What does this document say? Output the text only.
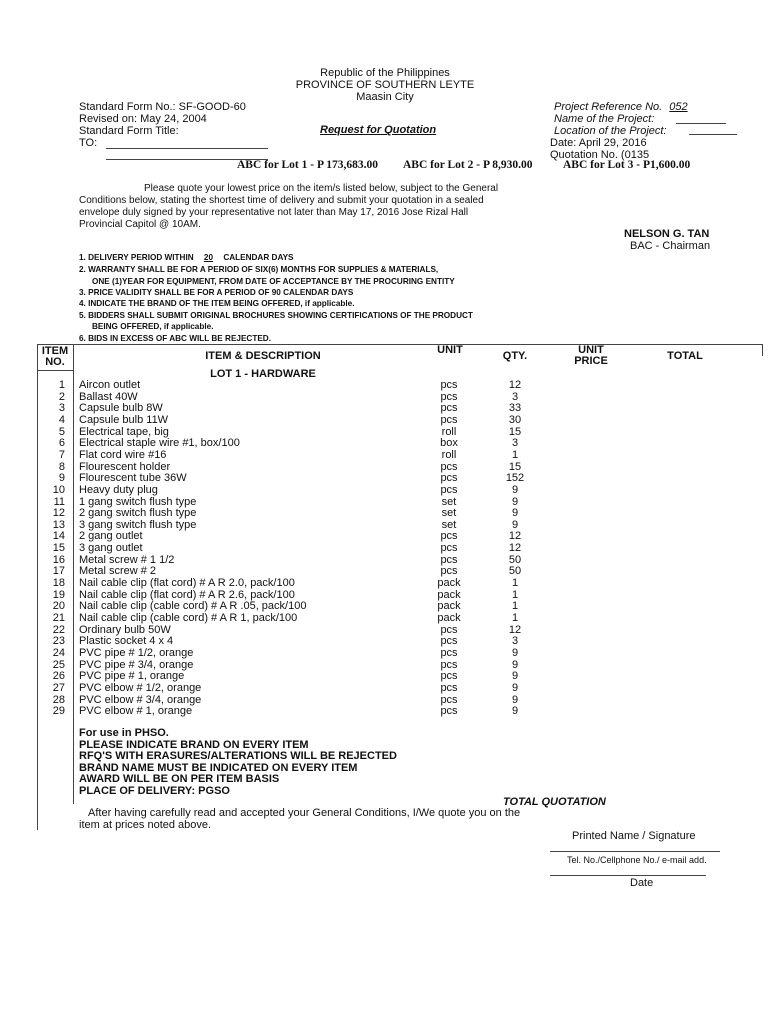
Republic of the Philippines
PROVINCE OF SOUTHERN LEYTE
Maasin City
Standard Form No.: SF-GOOD-60
Revised on: May 24, 2004
Standard Form Title:
TO:
Request for Quotation
Project Reference No. 052
Name of the Project:
Location of the Project:
Date: April 29, 2016
Quotation No. (0135
ABC for Lot 1 - P 173,683.00 ABC for Lot 2 - P 8,930.00	ABC for Lot 3 - P1,600.00
Please quote your lowest price on the item/s listed below, subject to the General
Conditions below, stating the shortest time of delivery and submit your quotation in a sealed
envelope duly signed by your representative not later than May 17, 2016 Jose Rizal Hall
Provincial Capitol @ 10AM.
NELSON G. TAN
BAC - Chairman
1. DELIVERY PERIOD WITHIN 20 CALENDAR DAYS
2. WARRANTY SHALL BE FOR A PERIOD OF SIX(6) MONTHS FOR SUPPLIES & MATERIALS,
ONE (1)YEAR FOR EQUIPMENT, FROM DATE OF ACCEPTANCE BY THE PROCURING ENTITY
3. PRICE VALIDITY SHALL BE FOR A PERIOD OF 90 CALENDAR DAYS
4. INDICATE THE BRAND OF THE ITEM BEING OFFERED, if applicable.
5. BIDDERS SHALL SUBMIT ORIGINAL BROCHURES SHOWING CERTIFICATIONS OF THE PRODUCT
BEING OFFERED, if applicable.
6. BIDS IN EXCESS OF ABC WILL BE REJECTED.
ITEM
NO.	ITEM & DESCRIPTION	UNIT	QTY.	UNIT
PRICE	TOTAL
LOT 1 - HARDWARE
1 Aircon outlet	pcs	12
2 Ballast 40W	pcs	3
3 Capsule bulb 8W	pcs	33
4 Capsule bulb 11W	pcs	30
5 Electrical tape, big	roll	15
6 Electrical staple wire #1, box/100	box	3
7 Flat cord wire #16	roll	1
8 Flourescent holder	pcs	15
9 Flourescent tube 36W	pcs	152
10 Heavy duty plug	pcs	9
11 1 gang switch flush type	set	9
12 2 gang switch flush type	set	9
13 3 gang switch flush type	set	9
14 2 gang outlet	pcs	12
15 3 gang outlet	pcs	12
16 Metal screw # 1 1/2	pcs	50
17 Metal screw # 2	pcs	50
18 Nail cable clip (flat cord) # A R 2.0, pack/100	pack	1
19 Nail cable clip (flat cord) # A R 2.6, pack/100	pack	1
20 Nail cable clip (cable cord) # A R .05, pack/100	pack	1
21 Nail cable clip (cable cord) # A R 1, pack/100	pack	1
22 Ordinary bulb 50W	pcs	12
23 Plastic socket 4 x 4	pcs	3
24 PVC pipe # 1/2, orange	pcs	9
25 PVC pipe # 3/4, orange	pcs	9
26 PVC pipe # 1, orange	pcs	9
27 PVC elbow # 1/2, orange	pcs	9
28 PVC elbow # 3/4, orange	pcs	9
29 PVC elbow # 1, orange	pcs	9
For use in PHSO.
PLEASE INDICATE BRAND ON EVERY ITEM
RFQ'S WITH ERASURES/ALTERATIONS WILL BE REJECTED
BRAND NAME MUST BE INDICATED ON EVERY ITEM
AWARD WILL BE ON PER ITEM BASIS
PLACE OF DELIVERY: PGSO
TOTAL QUOTATION
After having carefully read and accepted your General Conditions, I/We quote you on the
item at prices noted above.
Printed Name / Signature
Tel. No./Cellphone No./ e-mail add.
Date
